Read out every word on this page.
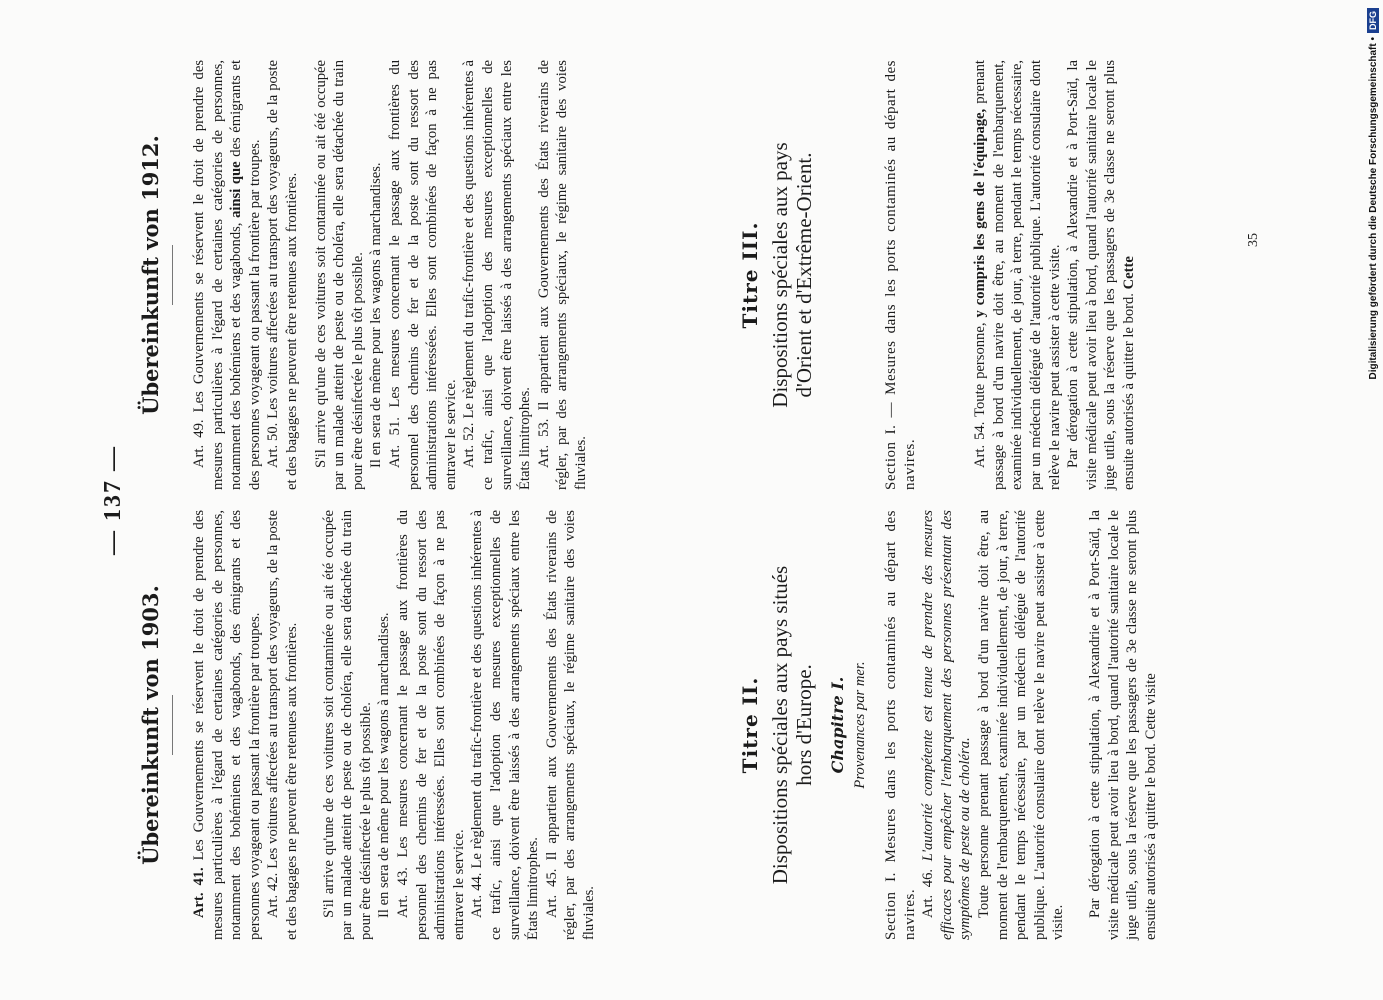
— 137 —
Übereinkunft von 1903.
Übereinkunft von 1912.

Art. 41. Les Gouvernements se réservent le droit de prendre des mesures particulières à l'égard de certaines catégories de personnes, notamment des bohémiens et des vagabonds, des émigrants et des personnes voyageant ou passant la frontière par troupes. Art. 42. Les voitures affectées au transport des voyageurs, de la poste et des bagages ne peuvent être retenues aux frontières. S'il arrive qu'une de ces voitures soit contaminée ou ait été occupée par un malade atteint de peste ou de choléra, elle sera détachée du train pour être désinfectée le plus tôt possible. Il en sera de même pour les wagons à marchandises. Art. 43. Les mesures concernant le passage aux frontières du personnel des chemins de fer et de la poste sont du ressort des administrations intéressées. Elles sont combinées de façon à ne pas entraver le service. Art. 44. Le règlement du trafic-frontière et des questions inhérentes à ce trafic, ainsi que l'adoption des mesures exceptionnelles de surveillance, doivent être laissés à des arrangements spéciaux entre les États limitrophes. Art. 45. Il appartient aux Gouvernements des États riverains de régler, par des arrangements spéciaux, le régime sanitaire des voies fluviales.

Titre II. Dispositions spéciales aux pays situés hors d'Europe. Chapitre I. Provenances par mer. Section I. Mesures dans les ports contaminés au départ des navires. Art. 46. L'autorité compétente est tenue de prendre des mesures efficaces pour empêcher l'embarquement des personnes présentant des symptômes de peste ou de choléra. Toute personne prenant passage à bord d'un navire doit être, au moment de l'embarquement, examinée individuellement, de jour, à terre, pendant le temps nécessaire, par un médecin délégué de l'autorité publique. L'autorité consulaire dont relève le navire peut assister à cette visite.

Par dérogation à cette stipulation, à Alexandrie et à Port-Saïd, la visite médicale peut avoir lieu à bord, quand l'autorité sanitaire locale le juge utile, sous la réserve que les passagers de 3e classe ne seront plus ensuite autorisés à quitter le bord. Cette visite

Art. 49. Les Gouvernements se réservent le droit de prendre des mesures particulières à l'égard de certaines catégories de personnes, notamment des bohémiens et des vagabonds, ainsi que des émigrants et des personnes voyageant ou passant la frontière par troupes. Art. 50. Les voitures affectées au transport des voyageurs, de la poste et des bagages ne peuvent être retenues aux frontières. S'il arrive qu'une de ces voitures soit contaminée ou ait été occupée par un malade atteint de peste ou de choléra, elle sera détachée du train pour être désinfectée le plus tôt possible. Il en sera de même pour les wagons à marchandises. Art. 51. Les mesures concernant le passage aux frontières du personnel des chemins de fer et de la poste sont du ressort des administrations intéressées. Elles sont combinées de façon à ne pas entraver le service. Art. 52. Le règlement du trafic-frontière et des questions inhérentes à ce trafic, ainsi que l'adoption des mesures exceptionnelles de surveillance, doivent être laissés à des arrangements spéciaux entre les États limitrophes. Art. 53. Il appartient aux Gouvernements des États riverains de régler, par des arrangements spéciaux, le régime sanitaire des voies fluviales.

Titre III. Dispositions spéciales aux pays d'Orient et d'Extrême-Orient.	Section I. — Mesures dans les ports contaminés au départ des navires.	Art. 54. Toute personne, y compris les gens de l'équipage, prenant passage à bord d'un navire doit être, au moment de l'embarquement, examinée individuellement, de jour, à terre, pendant le temps nécessaire, par un médecin délégué de l'autorité publique. L'autorité consulaire dont relève le navire peut assister à cette visite. Par dérogation à cette stipulation, à Alexandrie et à Port-Saïd, la visite médicale peut avoir lieu à bord, quand l'autorité sanitaire locale le juge utile, sous la réserve que les passagers de 3e classe ne seront plus ensuite autorisés à quitter le bord. Cette

35	Digitalisierung gefördert durch die Deutsche Forschungsgemeinschaft •DFG
